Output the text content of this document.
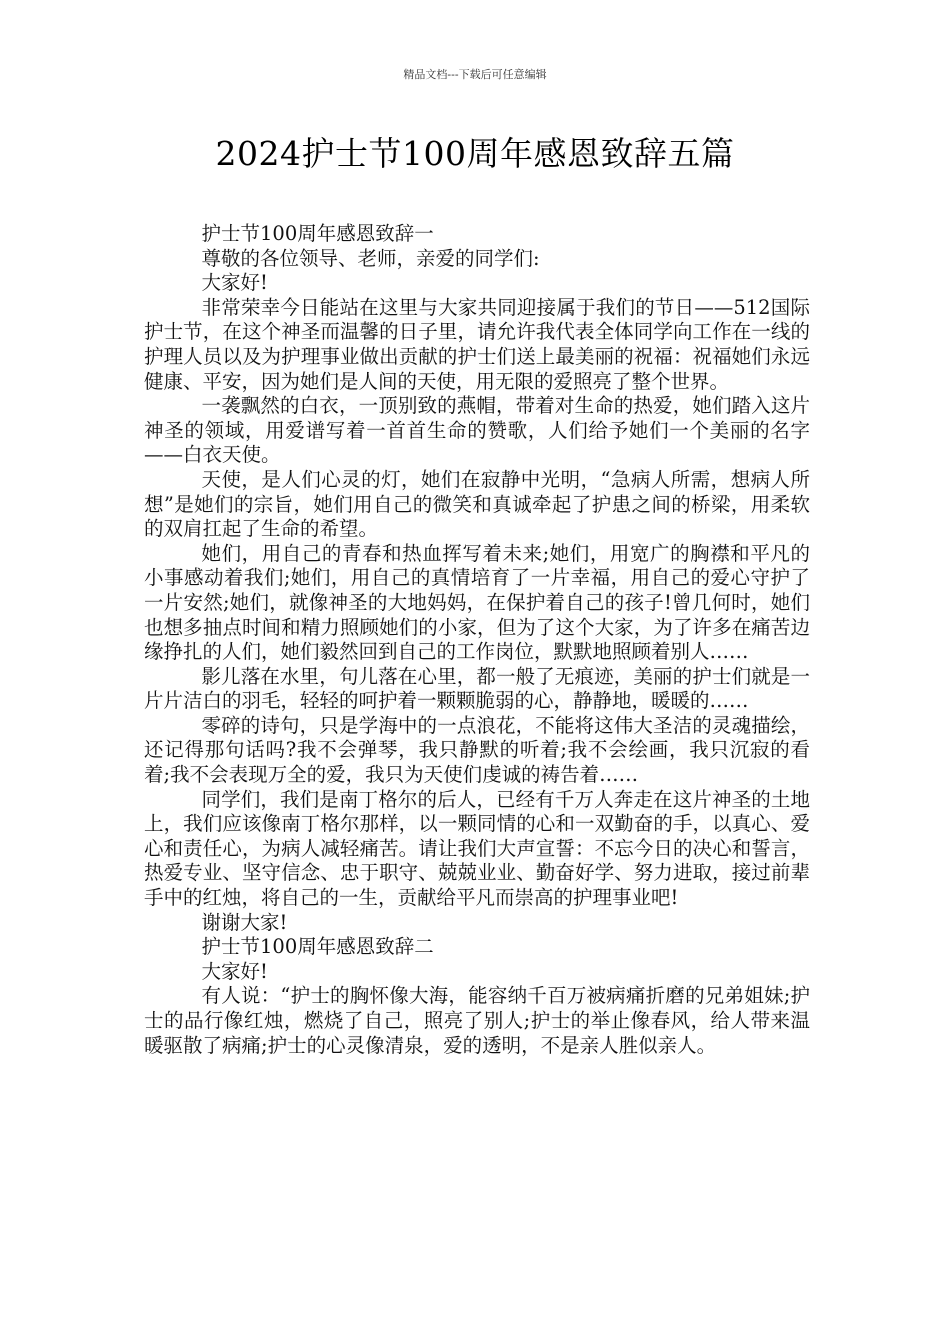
精品文档---下载后可任意编辑
2024护士节100周年感恩致辞五篇

护士节100周年感恩致辞一

尊敬的各位领导、老师，亲爱的同学们:

大家好!

非常荣幸今日能站在这里与大家共同迎接属于我们的节日——512国际护士节，在这个神圣而温馨的日子里，请允许我代表全体同学向工作在一线的护理人员以及为护理事业做出贡献的护士们送上最美丽的祝福：祝福她们永远健康、平安，因为她们是人间的天使，用无限的爱照亮了整个世界。

一袭飘然的白衣，一顶别致的燕帽，带着对生命的热爱，她们踏入这片神圣的领域，用爱谱写着一首首生命的赞歌，人们给予她们一个美丽的名字——白衣天使。

天使，是人们心灵的灯，她们在寂静中光明，“急病人所需，想病人所想”是她们的宗旨，她们用自己的微笑和真诚牵起了护患之间的桥梁，用柔软的双肩扛起了生命的希望。

她们，用自己的青春和热血挥写着未来;她们，用宽广的胸襟和平凡的小事感动着我们;她们，用自己的真情培育了一片幸福，用自己的爱心守护了一片安然;她们，就像神圣的大地妈妈，在保护着自己的孩子!曾几何时，她们也想多抽点时间和精力照顾她们的小家，但为了这个大家，为了许多在痛苦边缘挣扎的人们，她们毅然回到自己的工作岗位，默默地照顾着别人……

影儿落在水里，句儿落在心里，都一般了无痕迹，美丽的护士们就是一片片洁白的羽毛，轻轻的呵护着一颗颗脆弱的心，静静地，暖暖的……

零碎的诗句，只是学海中的一点浪花，不能将这伟大圣洁的灵魂描绘，还记得那句话吗?我不会弹琴，我只静默的听着;我不会绘画，我只沉寂的看着;我不会表现万全的爱，我只为天使们虔诚的祷告着……

同学们，我们是南丁格尔的后人，已经有千万人奔走在这片神圣的土地上，我们应该像南丁格尔那样，以一颗同情的心和一双勤奋的手，以真心、爱心和责任心，为病人减轻痛苦。请让我们大声宣誓：不忘今日的决心和誓言，热爱专业、坚守信念、忠于职守、兢兢业业、勤奋好学、努力进取，接过前辈手中的红烛，将自己的一生，贡献给平凡而崇高的护理事业吧!

谢谢大家!

护士节100周年感恩致辞二

大家好!

有人说：“护士的胸怀像大海，能容纳千百万被病痛折磨的兄弟姐妹;护士的品行像红烛，燃烧了自己，照亮了别人;护士的举止像春风，给人带来温暖驱散了病痛;护士的心灵像清泉，爱的透明，不是亲人胜似亲人。
